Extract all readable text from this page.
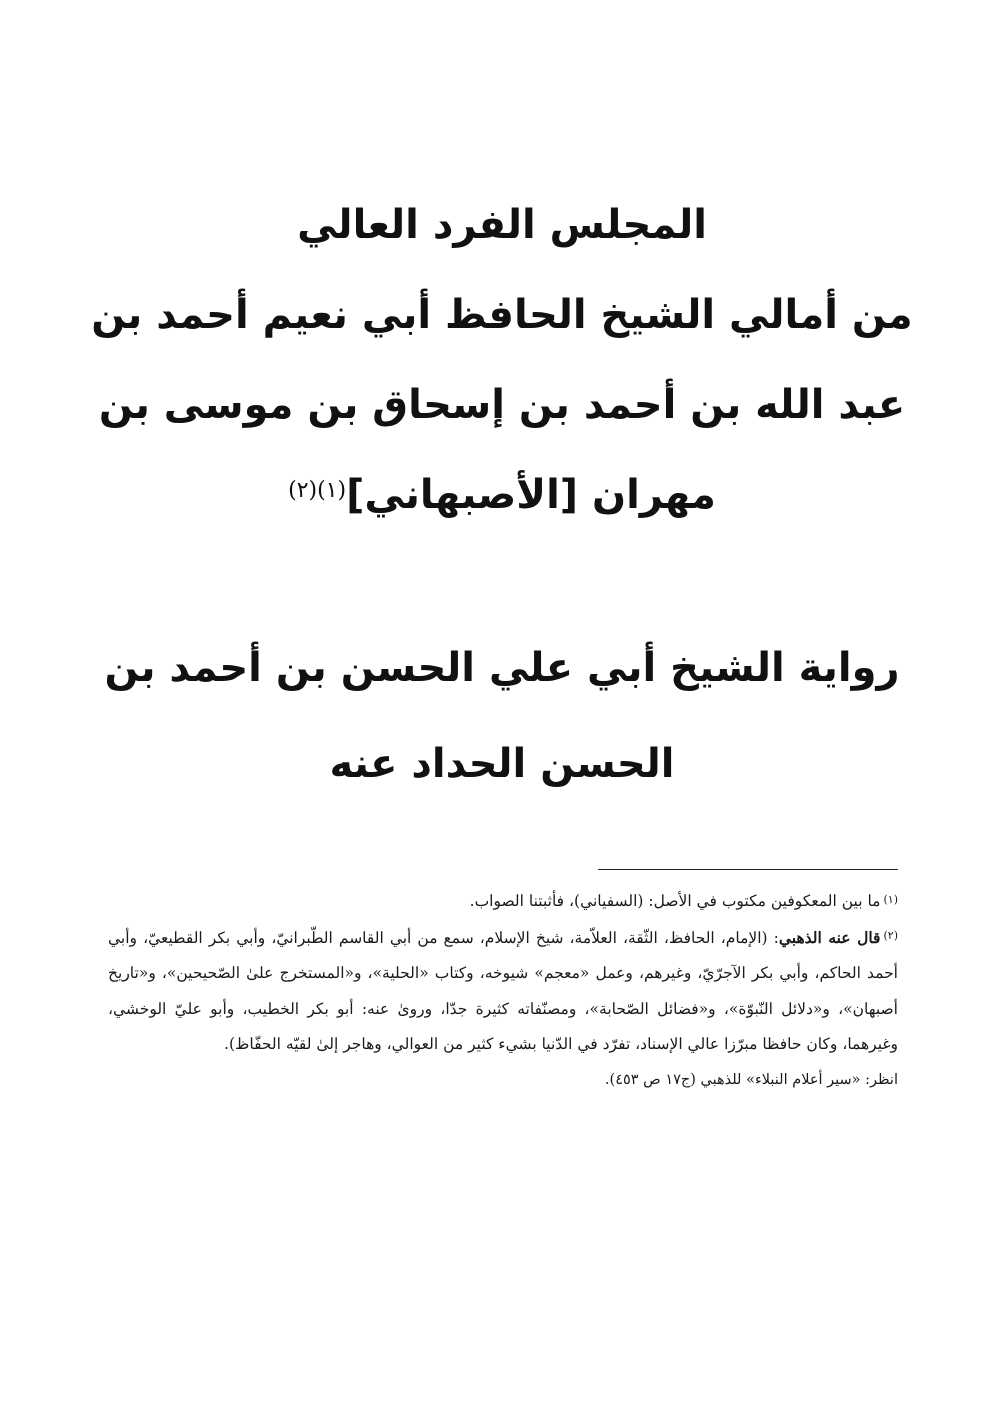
المجلس الفرد العالي
من أمالي الشيخ الحافظ أبي نعيم أحمد بن
عبد الله بن أحمد بن إسحاق بن موسى بن
مهران [الأصبهاني]$^{(١)(٢)}$
رواية الشيخ أبي علي الحسن بن أحمد بن
الحسن الحداد عنه

$^{(١)}$ما بين المعكوفين مكتوب في الأصل: (السفياني)، فأثبتنا الصواب.

$^{(٢)}$قال عنه الذهبي: (الإمام، الحافظ، الثّقة، العلاّمة، شيخ الإسلام، سمع من أبي القاسم الطّبرانيّ، وأبي بكر القطيعيّ، وأبي أحمد الحاكم، وأبي بكر الآجرّيّ، وغيرهم، وعمل «معجم» شيوخه، وكتاب «الحلية»، و«المستخرج علىٰ الصّحيحين»، و«تاريخ أصبهان»، و«دلائل النّبوّة»، و«فضائل الصّحابة»، ومصنّفاته كثيرة جدّا، وروىٰ عنه: أبو بكر الخطيب، وأبو عليّ الوخشي، وغيرهما، وكان حافظا مبرّزا عالي الإسناد، تفرّد في الدّنيا بشيء كثير من العوالي، وهاجر إلىٰ لقيّه الحفّاظ).

انظر: «سير أعلام النبلاء» للذهبي (ج١٧ ص ٤٥٣).
